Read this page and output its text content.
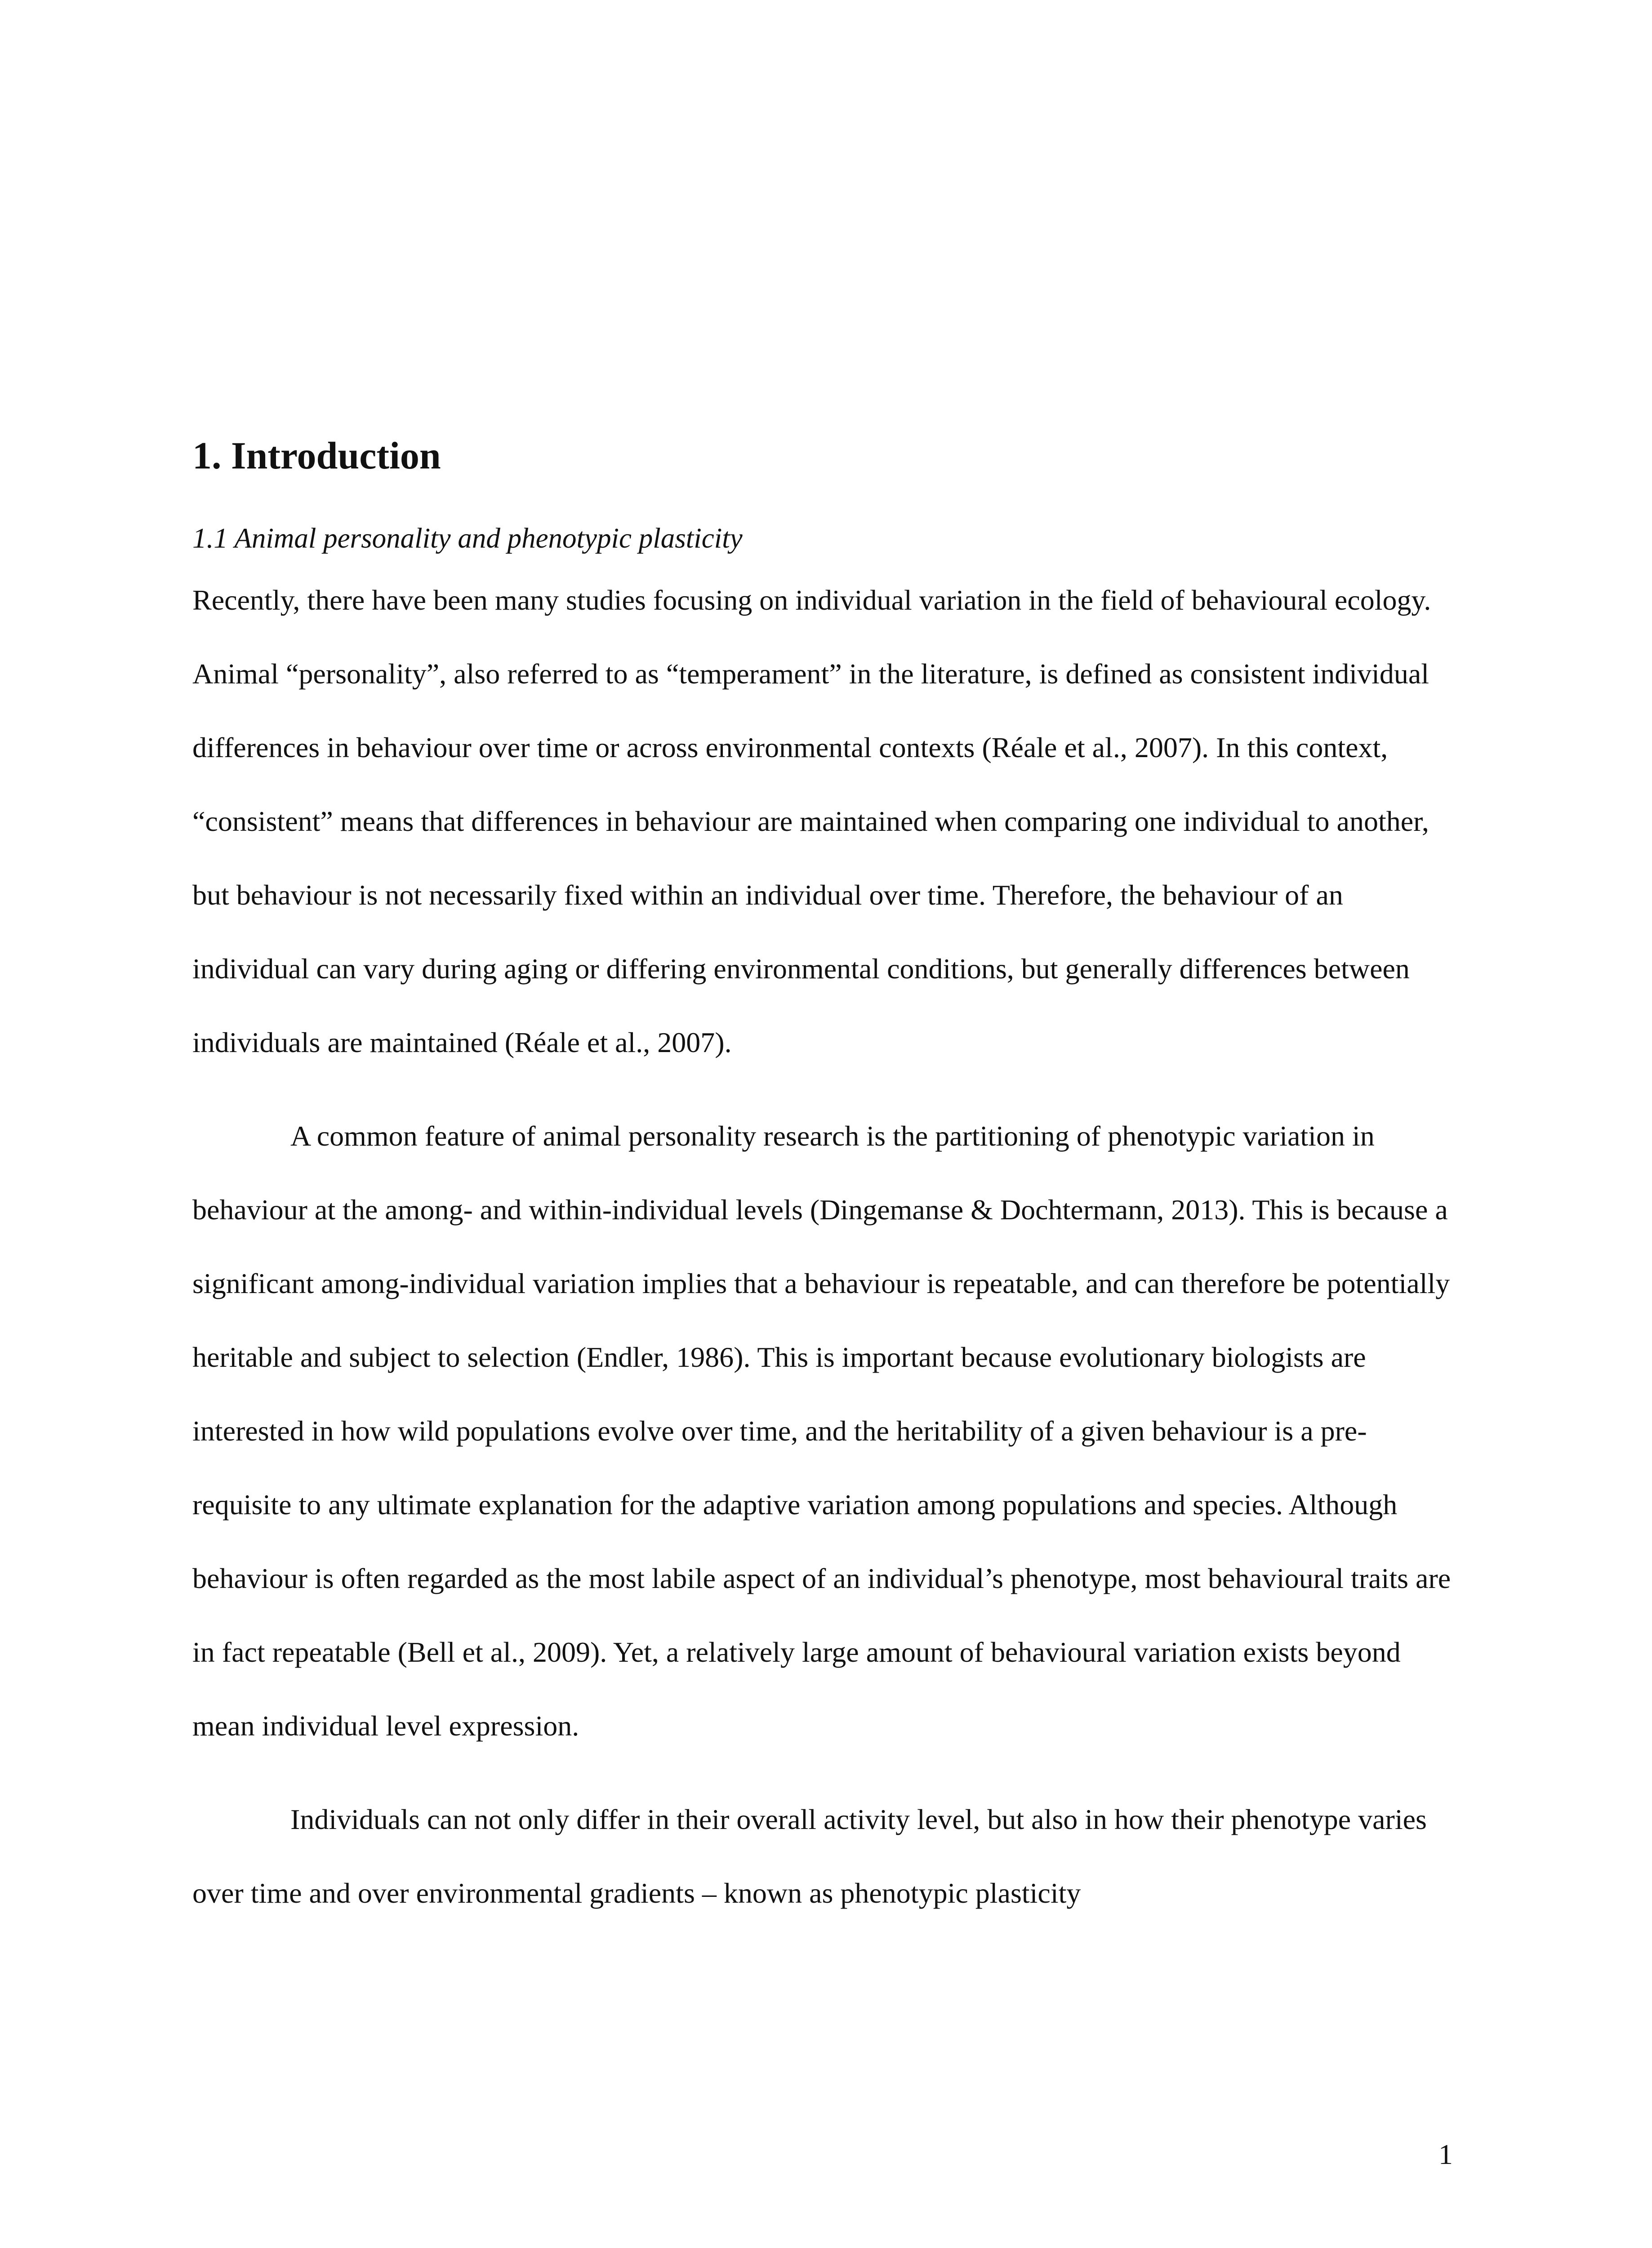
1. Introduction
1.1 Animal personality and phenotypic plasticity

Recently, there have been many studies focusing on individual variation in the field of behavioural ecology. Animal “personality”, also referred to as “temperament” in the literature, is defined as consistent individual differences in behaviour over time or across environmental contexts (Réale et al., 2007). In this context, “consistent” means that differences in behaviour are maintained when comparing one individual to another, but behaviour is not necessarily fixed within an individual over time. Therefore, the behaviour of an individual can vary during aging or differing environmental conditions, but generally differences between individuals are maintained (Réale et al., 2007).

A common feature of animal personality research is the partitioning of phenotypic variation in behaviour at the among- and within-individual levels (Dingemanse & Dochtermann, 2013). This is because a significant among-individual variation implies that a behaviour is repeatable, and can therefore be potentially heritable and subject to selection (Endler, 1986). This is important because evolutionary biologists are interested in how wild populations evolve over time, and the heritability of a given behaviour is a pre-requisite to any ultimate explanation for the adaptive variation among populations and species. Although behaviour is often regarded as the most labile aspect of an individual’s phenotype, most behavioural traits are in fact repeatable (Bell et al., 2009). Yet, a relatively large amount of behavioural variation exists beyond mean individual level expression.

Individuals can not only differ in their overall activity level, but also in how their phenotype varies over time and over environmental gradients – known as phenotypic plasticity

1
